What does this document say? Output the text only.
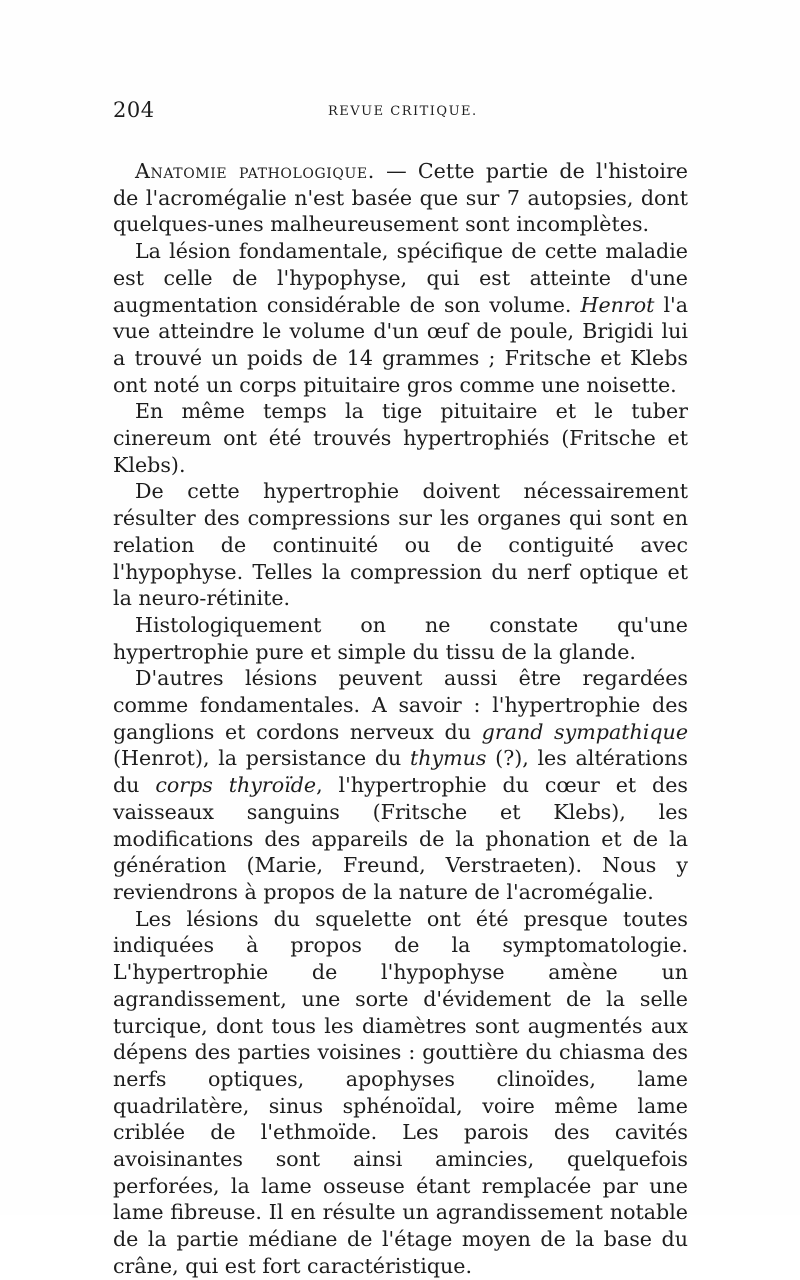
204	REVUE CRITIQUE.

Anatomie pathologique. — Cette partie de l'histoire de l'acromégalie n'est basée que sur 7 autopsies, dont quelques-unes malheureusement sont incomplètes.

La lésion fondamentale, spécifique de cette maladie est celle de l'hypophyse, qui est atteinte d'une augmentation considérable de son volume. Henrot l'a vue atteindre le volume d'un œuf de poule, Brigidi lui a trouvé un poids de 14 grammes ; Fritsche et Klebs ont noté un corps pituitaire gros comme une noisette.

En même temps la tige pituitaire et le tuber cinereum ont été trouvés hypertrophiés (Fritsche et Klebs).

De cette hypertrophie doivent nécessairement résulter des compressions sur les organes qui sont en relation de continuité ou de contiguité avec l'hypophyse. Telles la compression du nerf optique et la neuro-rétinite.

Histologiquement on ne constate qu'une hypertrophie pure et simple du tissu de la glande.

D'autres lésions peuvent aussi être regardées comme fondamentales. A savoir : l'hypertrophie des ganglions et cordons nerveux du grand sympathique (Henrot), la persistance du thymus (?), les altérations du corps thyroïde, l'hypertrophie du cœur et des vaisseaux sanguins (Fritsche et Klebs), les modifications des appareils de la phonation et de la génération (Marie, Freund, Verstraeten). Nous y reviendrons à propos de la nature de l'acromégalie.

Les lésions du squelette ont été presque toutes indiquées à propos de la symptomatologie. L'hypertrophie de l'hypophyse amène un agrandissement, une sorte d'évidement de la selle turcique, dont tous les diamètres sont augmentés aux dépens des parties voisines : gouttière du chiasma des nerfs optiques, apophyses clinoïdes, lame quadrilatère, sinus sphénoïdal, voire même lame criblée de l'ethmoïde. Les parois des cavités avoisinantes sont ainsi amincies, quelquefois perforées, la lame osseuse étant remplacée par une lame fibreuse. Il en résulte un agrandissement notable de la partie médiane de l'étage moyen de la base du crâne, qui est fort caractéristique.
